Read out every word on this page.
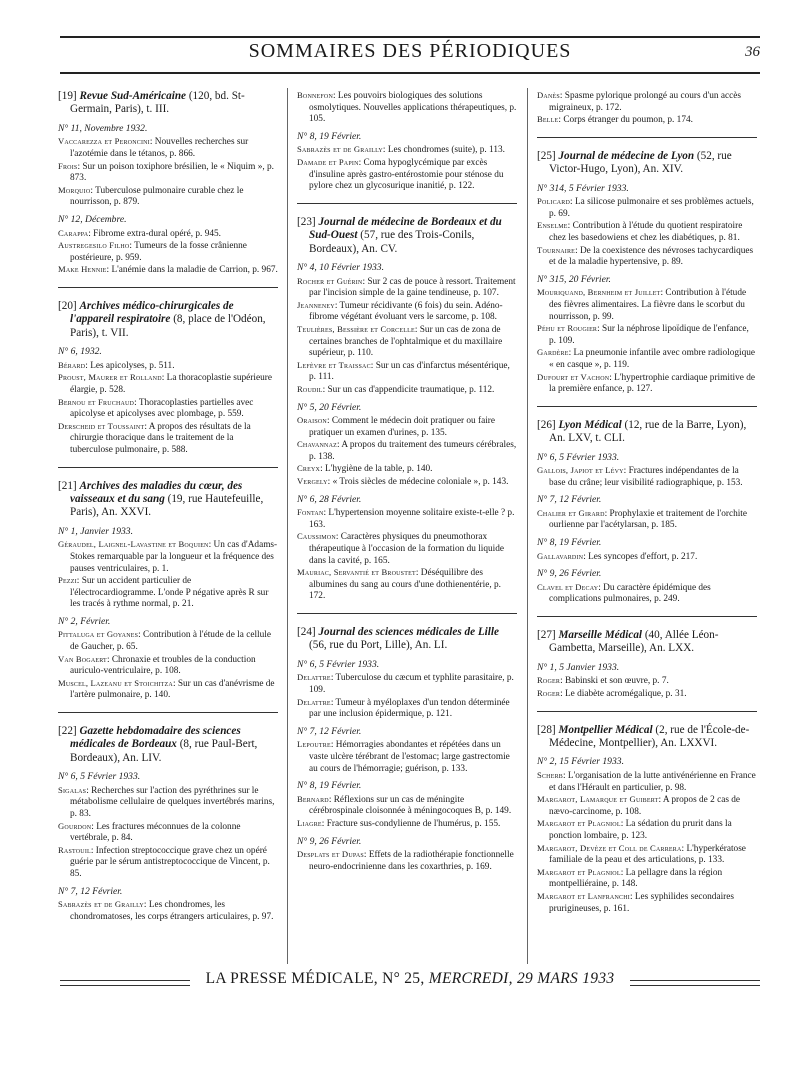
SOMMAIRES DES PÉRIODIQUES	36

[19] Revue Sud-Américaine (120, bd. St-Germain, Paris), t. III.

N° 11, Novembre 1932.

Vaccarezza et Peroncini: Nouvelles recherches sur l'azotémie dans le tétanos, p. 866.

Frois: Sur un poison toxiphore brésilien, le « Niquim », p. 873.

Morquio: Tuberculose pulmonaire curable chez le nourrisson, p. 879.

N° 12, Décembre.

Carappa: Fibrome extra-dural opéré, p. 945.

Austregesilo Filho: Tumeurs de la fosse crânienne postérieure, p. 959.

Make Hennie: L'anémie dans la maladie de Carrion, p. 967.

[20] Archives médico-chirurgicales de l'appareil respiratoire (8, place de l'Odéon, Paris), t. VII.

N° 6, 1932.

Bérard: Les apicolyses, p. 511.

Proust, Maurer et Rolland: La thoracoplastie supérieure élargie, p. 528.

Bernou et Fruchaud: Thoracoplasties partielles avec apicolyse et apicolyses avec plombage, p. 559.

Derscheid et Toussaint: A propos des résultats de la chirurgie thoracique dans le traitement de la tuberculose pulmonaire, p. 588.

[21] Archives des maladies du cœur, des vaisseaux et du sang (19, rue Hautefeuille, Paris), An. XXVI.

N° 1, Janvier 1933.

Géraudel, Laignel-Lavastine et Boquien: Un cas d'Adams-Stokes remarquable par la longueur et la fréquence des pauses ventriculaires, p. 1.

Pezzi: Sur un accident particulier de l'électrocardiogramme. L'onde P négative après R sur les tracés à rythme normal, p. 21.

N° 2, Février.

Pittaluga et Goyanes: Contribution à l'étude de la cellule de Gaucher, p. 65.

Van Bogaert: Chronaxie et troubles de la conduction auriculo-ventriculaire, p. 108.

Muscel, Lazeanu et Stoichitza: Sur un cas d'anévrisme de l'artère pulmonaire, p. 140.

[22] Gazette hebdomadaire des sciences médicales de Bordeaux (8, rue Paul-Bert, Bordeaux), An. LIV.

N° 6, 5 Février 1933.

Sigalas: Recherches sur l'action des pyréthrines sur le métabolisme cellulaire de quelques invertébrés marins, p. 83.

Gourdon: Les fractures méconnues de la colonne vertébrale, p. 84.

Rastouil: Infection streptococcique grave chez un opéré guérie par le sérum antistreptococcique de Vincent, p. 85.

N° 7, 12 Février.

Sabrazès et de Grailly: Les chondromes, les chondromatoses, les corps étrangers articulaires, p. 97.

Bonnefon: Les pouvoirs biologiques des solutions osmolytiques. Nouvelles applications thérapeutiques, p. 105.

N° 8, 19 Février.

Sabrazès et de Grailly: Les chondromes (suite), p. 113.

Damade et Papin: Coma hypoglycémique par excès d'insuline après gastro-entérostomie pour sténose du pylore chez un glycosurique inanitié, p. 122.

[23] Journal de médecine de Bordeaux et du Sud-Ouest (57, rue des Trois-Conils, Bordeaux), An. CV.

N° 4, 10 Février 1933.

Rocher et Guérin: Sur 2 cas de pouce à ressort. Traitement par l'incision simple de la gaine tendineuse, p. 107.

Jeanneney: Tumeur récidivante (6 fois) du sein. Adéno-fibrome végétant évoluant vers le sarcome, p. 108.

Teulières, Bessière et Corcelle: Sur un cas de zona de certaines branches de l'ophtalmique et du maxillaire supérieur, p. 110.

Lefèvre et Traissac: Sur un cas d'infarctus mésentérique, p. 111.

Roudil: Sur un cas d'appendicite traumatique, p. 112.

N° 5, 20 Février.

Oraison: Comment le médecin doit pratiquer ou faire pratiquer un examen d'urines, p. 135.

Chavannaz: A propos du traitement des tumeurs cérébrales, p. 138.

Creyx: L'hygiène de la table, p. 140.

Vergely: « Trois siècles de médecine coloniale », p. 143.

N° 6, 28 Février.

Fontan: L'hypertension moyenne solitaire existe-t-elle ? p. 163.

Caussimon: Caractères physiques du pneumothorax thérapeutique à l'occasion de la formation du liquide dans la cavité, p. 165.

Mauriac, Servantié et Broustet: Déséquilibre des albumines du sang au cours d'une dothienentérie, p. 172.

[24] Journal des sciences médicales de Lille (56, rue du Port, Lille), An. LI.

N° 6, 5 Février 1933.

Delattre: Tuberculose du cæcum et typhlite parasitaire, p. 109.

Delattre: Tumeur à myéloplaxes d'un tendon déterminée par une inclusion épidermique, p. 121.

N° 7, 12 Février.

Lepoutre: Hémorragies abondantes et répétées dans un vaste ulcère térébrant de l'estomac; large gastrectomie au cours de l'hémorragie; guérison, p. 133.

N° 8, 19 Février.

Bernard: Réflexions sur un cas de méningite cérébrospinale cloisonnée à méningocoques B, p. 149.

Liagre: Fracture sus-condylienne de l'humérus, p. 155.

N° 9, 26 Février.

Desplats et Dupas: Effets de la radiothérapie fonctionnelle neuro-endocrinienne dans les coxarthries, p. 169.

Danès: Spasme pylorique prolongé au cours d'un accès migraineux, p. 172.

Belle: Corps étranger du poumon, p. 174.

[25] Journal de médecine de Lyon (52, rue Victor-Hugo, Lyon), An. XIV.

N° 314, 5 Février 1933.

Policard: La silicose pulmonaire et ses problèmes actuels, p. 69.

Enselme: Contribution à l'étude du quotient respiratoire chez les basedowiens et chez les diabétiques, p. 81.

Tournaire: De la coexistence des névroses tachycardiques et de la maladie hypertensive, p. 89.

N° 315, 20 Février.

Mouriquand, Bernheim et Juillet: Contribution à l'étude des fièvres alimentaires. La fièvre dans le scorbut du nourrisson, p. 99.

Péhu et Rougier: Sur la néphrose lipoïdique de l'enfance, p. 109.

Gardère: La pneumonie infantile avec ombre radiologique « en casque », p. 119.

Dufourt et Vachon: L'hypertrophie cardiaque primitive de la première enfance, p. 127.

[26] Lyon Médical (12, rue de la Barre, Lyon), An. LXV, t. CLI.

N° 6, 5 Février 1933.

Gallois, Japiot et Lévy: Fractures indépendantes de la base du crâne; leur visibilité radiographique, p. 153.

N° 7, 12 Février.

Chalier et Girard: Prophylaxie et traitement de l'orchite ourlienne par l'acétylarsan, p. 185.

N° 8, 19 Février.

Gallavardin: Les syncopes d'effort, p. 217.

N° 9, 26 Février.

Clavel et Decay: Du caractère épidémique des complications pulmonaires, p. 249.

[27] Marseille Médical (40, Allée Léon-Gambetta, Marseille), An. LXX.

N° 1, 5 Janvier 1933.

Roger: Babinski et son œuvre, p. 7.

Roger: Le diabète acromégalique, p. 31.

[28] Montpellier Médical (2, rue de l'École-de-Médecine, Montpellier), An. LXXVI.

N° 2, 15 Février 1933.

Scherb: L'organisation de la lutte antivénérienne en France et dans l'Hérault en particulier, p. 98.

Margarot, Lamarque et Guibert: A propos de 2 cas de nævo-carcinome, p. 108.

Margarot et Plagniol: La sédation du prurit dans la ponction lombaire, p. 123.

Margarot, Devèze et Coll de Carrera: L'hyperkératose familiale de la peau et des articulations, p. 133.

Margarot et Plagniol: La pellagre dans la région montpelliéraine, p. 148.

Margarot et Lanfranchi: Les syphilides secondaires prurigineuses, p. 161.

LA PRESSE MÉDICALE, N° 25, MERCREDI, 29 MARS 1933
